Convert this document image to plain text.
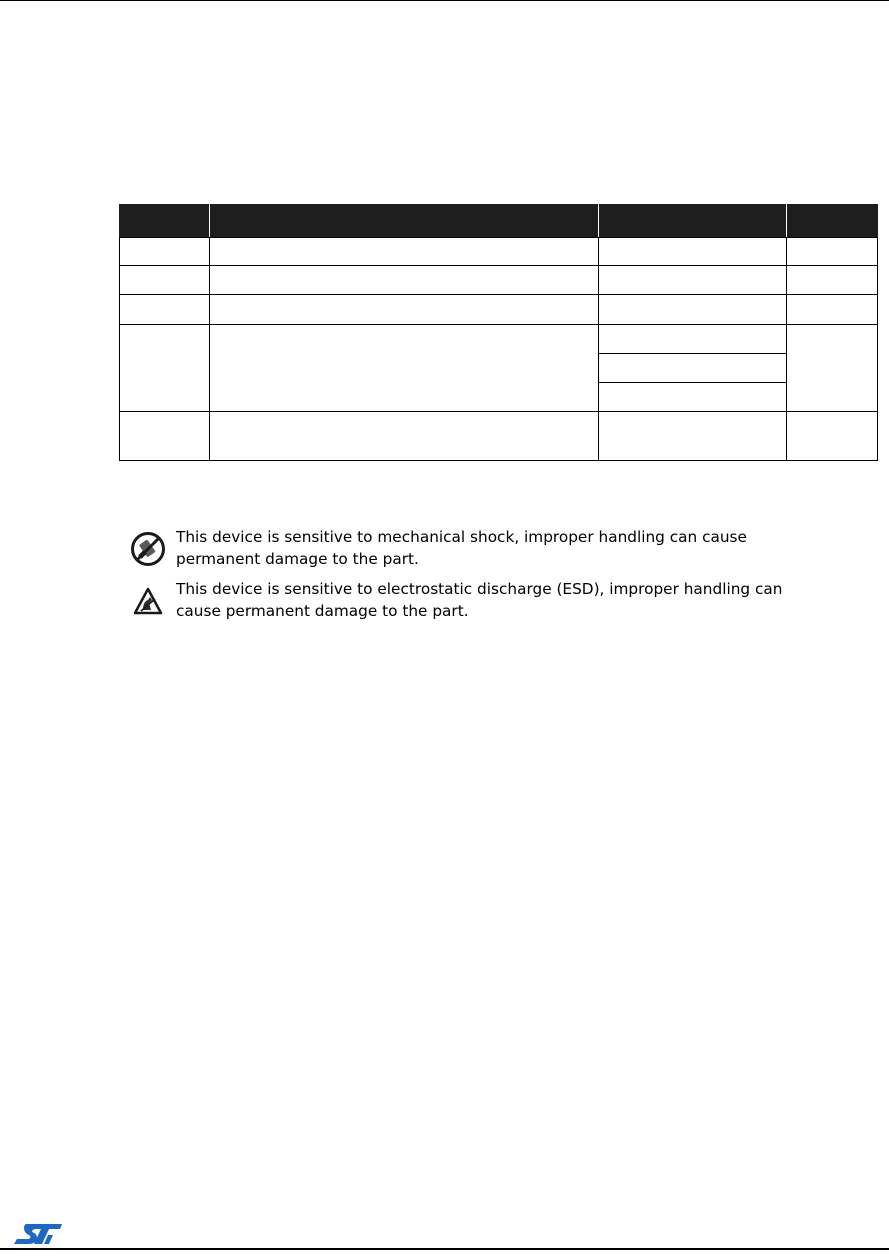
This device is sensitive to mechanical shock, improper handling can cause
permanent damage to the part.
This device is sensitive to electrostatic discharge (ESD), improper handling can
cause permanent damage to the part.
